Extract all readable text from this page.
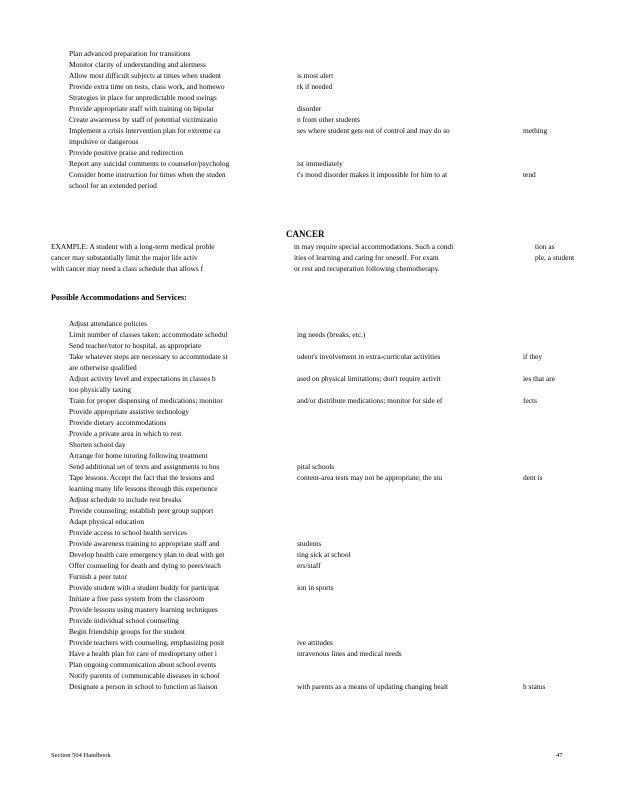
Plan advanced preparation for transitions
Monitor clarity of understanding and alertness
Allow most difficult subjects at times when student	is most alert
Provide extra time on tests, class work, and homewo	rk if needed
Strategies in place for unpredictable mood swings
Provide appropriate staff with training on bipolar	disorder
Create awareness by staff of potential victimizatio	n from other students
Implement a crisis intervention plan for extreme ca	ses where student gets out of control and may do so	mething
impulsive or dangerous
Provide positive praise and redirection
Report any suicidal comments to counselor/psycholog	ist immediately
Consider home instruction for times when the studen	t's mood disorder makes it impossible for him to at	tend
school for an extended period
CANCER
EXAMPLE: A student with a long-term medical proble	m may require special accommodations. Such a condi	tion as
cancer may substantially limit the major life activ	ities of learning and caring for oneself. For exam	ple, a student
with cancer may need a class schedule that allows f	or rest and recuperation following chemotherapy.
Possible Accommodations and Services:
Adjust attendance policies
Limit number of classes taken; accommodate schedul	ing needs (breaks, etc.)
Send teacher/tutor to hospital, as appropriate
Take whatever steps are necessary to accommodate st	udent's involvement in extra-curricular activities	if they
are otherwise qualified
Adjust activity level and expectations in classes b	ased on physical limitations; don't require activit	ies that are
too physically taxing
Train for proper dispensing of medications; monitor	and/or distribute medications; monitor for side ef	fects
Provide appropriate assistive technology
Provide dietary accommodations
Provide a private area in which to rest
Shorten school day
Arrange for home tutoring following treatment
Send additional set of texts and assignments to hos	pital schools
Tape lessons. Accept the fact that the lessons and	content-area tests may not be appropriate; the stu	dent is
learning many life lessons through this experience
Adjust schedule to include rest breaks
Provide counseling; establish peer group support
Adapt physical education
Provide access to school health services
Provide awareness training to appropriate staff and	students
Develop health care emergency plan to deal with get	ting sick at school
Offer counseling for death and dying to peers/teach	ers/staff
Furnish a peer tutor
Provide student with a student buddy for participat	ion in sports
Initiate a free pass system from the classroom
Provide lessons using mastery learning techniques
Provide individual school counseling
Begin friendship groups for the student
Provide teachers with counseling, emphasizing posit	ive attitudes
Have a health plan for care of medioprtany other i	ntravenous lines and medical needs
Plan ongoing communication about school events
Notify parents of communicable diseases in school
Designate a person in school to function as liaison	with parents as a means of updating changing healt	h status
Section 504 Handbook	47
